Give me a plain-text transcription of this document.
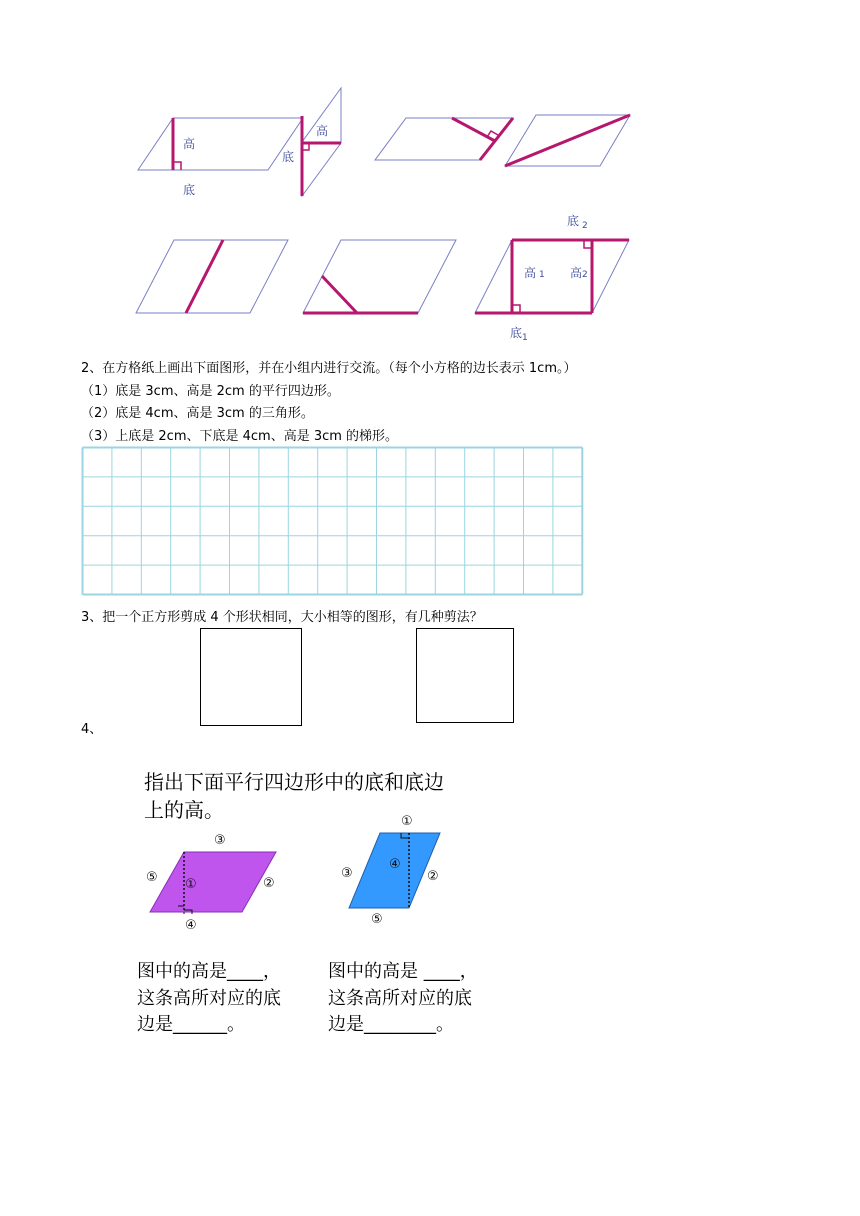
高
底
高
底
底 $_2$
高 1 高2
底$_1$
2、在方格纸上画出下面图形，并在小组内进行交流。（每个小方格的边长表示 1cm。）
（1）底是 3cm、高是 2cm 的平行四边形。
（2）底是 4cm、高是 3cm 的三角形。
（3）上底是 2cm、下底是 4cm、高是 3cm 的梯形。
3、把一个正方形剪成 4 个形状相同，大小相等的图形，有几种剪法？
4、
指出下面平行四边形中的底和底边
上的高。
③
⑤ ①	②
④
①
③
④
②
⑤
图中的高是____，
这条高所对应的底
边是______。
图中的高是 ____，
这条高所对应的底
边是________。
